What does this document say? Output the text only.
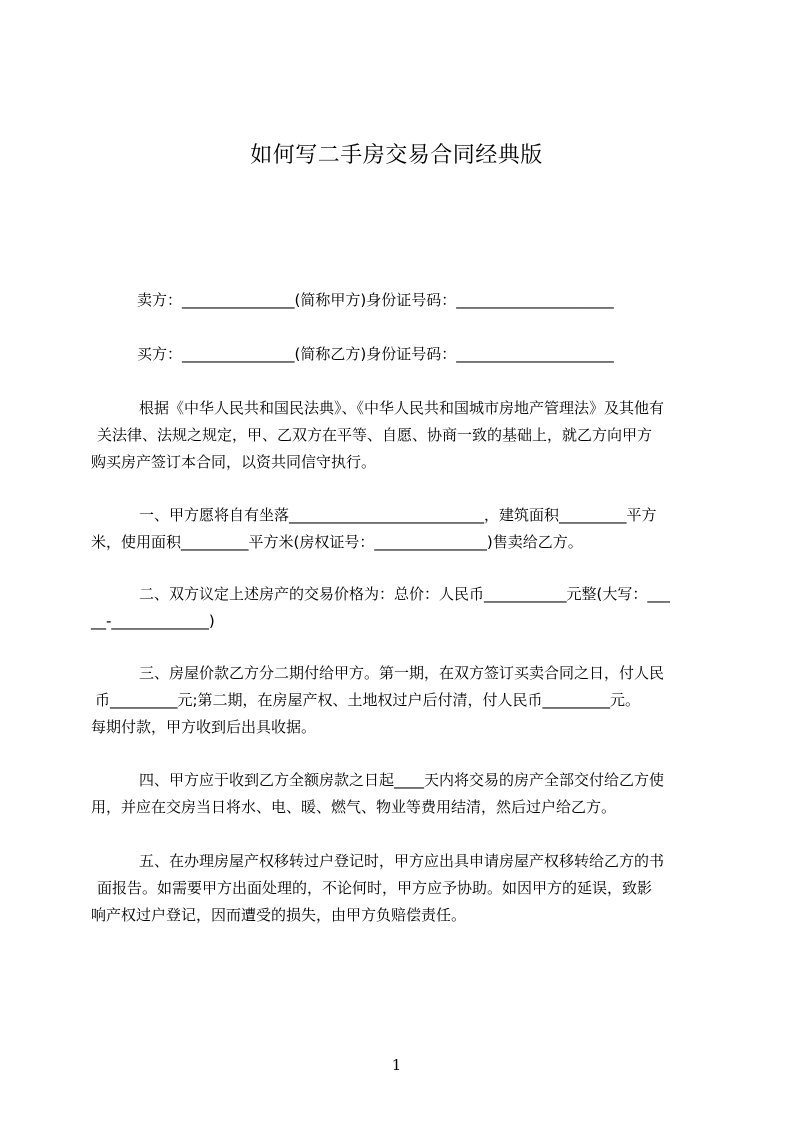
如何写二手房交易合同经典版
卖方：_______________(简称甲方)身份证号码：_____________________
买方：_______________(简称乙方)身份证号码：_____________________
根据《中华人民共和国民法典》、《中华人民共和国城市房地产管理法》及其他有
关法律、法规之规定，甲、乙双方在平等、自愿、协商一致的基础上，就乙方向甲方
购买房产签订本合同，以资共同信守执行。
一、甲方愿将自有坐落__________________________，建筑面积_________平方
米，使用面积_________平方米(房权证号：_______________)售卖给乙方。
二、双方议定上述房产的交易价格为：总价：人民币___________元整(大写：___
__-_____________)
三、房屋价款乙方分二期付给甲方。第一期，在双方签订买卖合同之日，付人民
币_________元;第二期，在房屋产权、土地权过户后付清，付人民币_________元。
每期付款，甲方收到后出具收据。
四、甲方应于收到乙方全额房款之日起____天内将交易的房产全部交付给乙方使
用，并应在交房当日将水、电、暖、燃气、物业等费用结清，然后过户给乙方。
五、在办理房屋产权移转过户登记时，甲方应出具申请房屋产权移转给乙方的书
面报告。如需要甲方出面处理的，不论何时，甲方应予协助。如因甲方的延误，致影
响产权过户登记，因而遭受的损失，由甲方负赔偿责任。
1
